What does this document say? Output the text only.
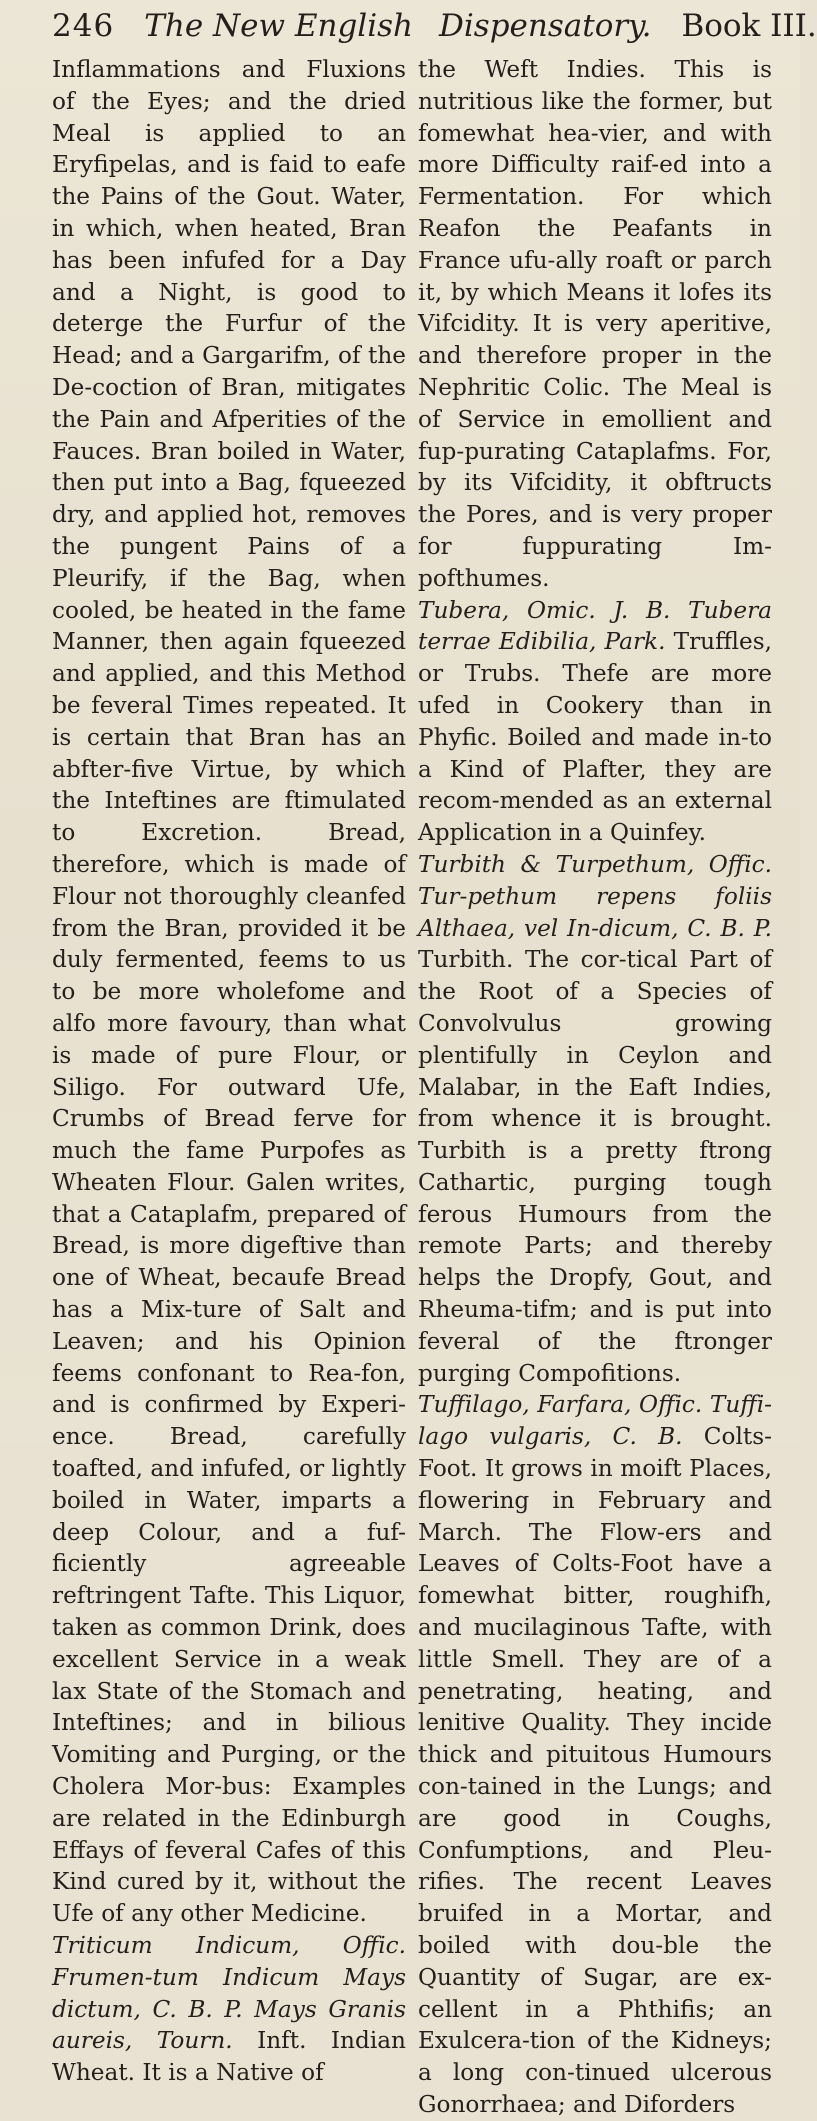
246 The New English Dispensatory. Book III.

Inflammations and Fluxions of the Eyes; and the dried Meal is applied to an Eryfipelas, and is faid to eafe the Pains of the Gout. Water, in which, when heated, Bran has been infufed for a Day and a Night, is good to deterge the Furfur of the Head; and a Gargarifm, of the De-coction of Bran, mitigates the Pain and Afperities of the Fauces. Bran boiled in Water, then put into a Bag, fqueezed dry, and applied hot, removes the pungent Pains of a Pleurify, if the Bag, when cooled, be heated in the fame Manner, then again fqueezed and applied, and this Method be feveral Times repeated. It is certain that Bran has an abfter-five Virtue, by which the Inteftines are ftimulated to Excretion. Bread, therefore, which is made of Flour not thoroughly cleanfed from the Bran, provided it be duly fermented, feems to us to be more wholefome and alfo more favoury, than what is made of pure Flour, or Siligo. For outward Ufe, Crumbs of Bread ferve for much the fame Purpofes as Wheaten Flour. Galen writes, that a Cataplafm, prepared of Bread, is more digeftive than one of Wheat, becaufe Bread has a Mix-ture of Salt and Leaven; and his Opinion feems confonant to Rea-fon, and is confirmed by Experi-ence. Bread, carefully toafted, and infufed, or lightly boiled in Water, imparts a deep Colour, and a fuf-ficiently agreeable reftringent Tafte. This Liquor, taken as common Drink, does excellent Service in a weak lax State of the Stomach and Inteftines; and in bilious Vomiting and Purging, or the Cholera Mor-bus: Examples are related in the Edinburgh Effays of feveral Cafes of this Kind cured by it, without the Ufe of any other Medicine.

Triticum Indicum, Offic. Frumen-tum Indicum Mays dictum, C. B. P. Mays Granis aureis, Tourn. Inft. Indian Wheat. It is a Native of

the Weft Indies. This is nutritious like the former, but fomewhat hea-vier, and with more Difficulty raif-ed into a Fermentation. For which Reafon the Peafants in France ufu-ally roaft or parch it, by which Means it lofes its Vifcidity. It is very aperitive, and therefore proper in the Nephritic Colic. The Meal is of Service in emollient and fup-purating Cataplafms. For, by its Vifcidity, it obftructs the Pores, and is very proper for fuppurating Im-pofthumes.

Tubera, Omic. J. B. Tubera terrae Edibilia, Park. Truffles, or Trubs. Thefe are more ufed in Cookery than in Phyfic. Boiled and made in-to a Kind of Plafter, they are recom-mended as an external Application in a Quinfey.

Turbith & Turpethum, Offic. Tur-pethum repens foliis Althaea, vel In-dicum, C. B. P. Turbith. The cor-tical Part of the Root of a Species of Convolvulus growing plentifully in Ceylon and Malabar, in the Eaft Indies, from whence it is brought. Turbith is a pretty ftrong Cathartic, purging tough ferous Humours from the remote Parts; and thereby helps the Dropfy, Gout, and Rheuma-tifm; and is put into feveral of the ftronger purging Compofitions.

Tuffilago, Farfara, Offic. Tuffi-lago vulgaris, C. B. Colts-Foot. It grows in moift Places, flowering in February and March. The Flow-ers and Leaves of Colts-Foot have a fomewhat bitter, roughifh, and mucilaginous Tafte, with little Smell. They are of a penetrating, heating, and lenitive Quality. They incide thick and pituitous Humours con-tained in the Lungs; and are good in Coughs, Confumptions, and Pleu-rifies. The recent Leaves bruifed in a Mortar, and boiled with dou-ble the Quantity of Sugar, are ex-cellent in a Phthifis; an Exulcera-tion of the Kidneys; a long con-tinued ulcerous Gonorrhaea; and Diforders
